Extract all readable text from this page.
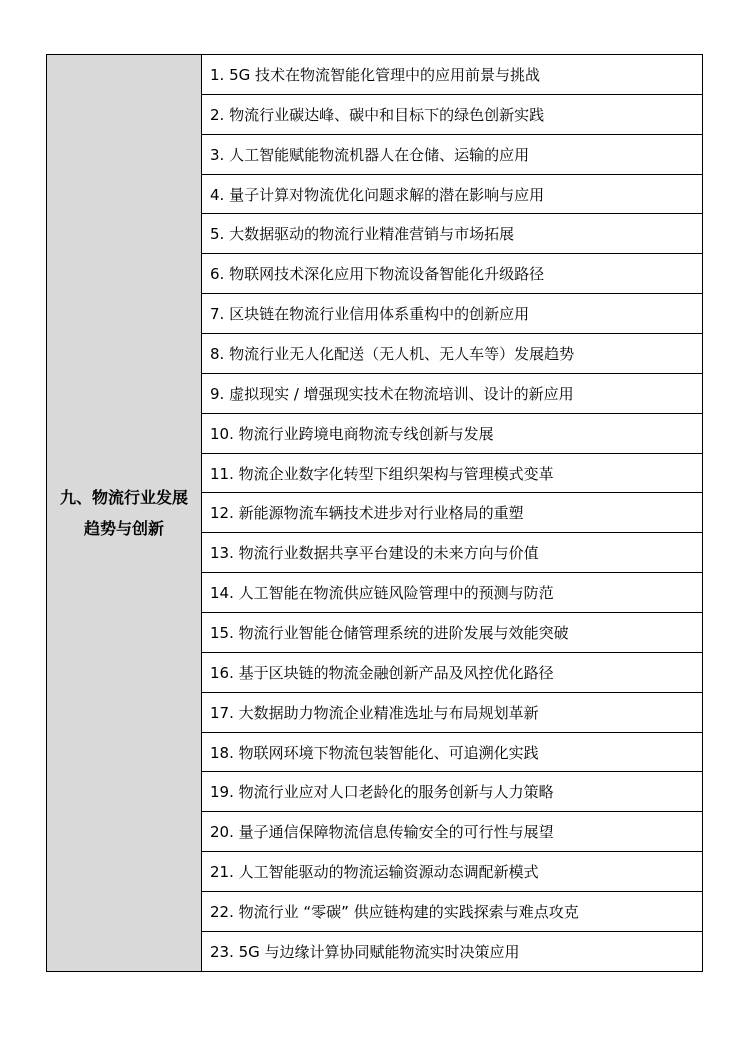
九、物流行业发展趋势与创新	1. 5G 技术在物流智能化管理中的应用前景与挑战
2. 物流行业碳达峰、碳中和目标下的绿色创新实践
3. 人工智能赋能物流机器人在仓储、运输的应用
4. 量子计算对物流优化问题求解的潜在影响与应用
5. 大数据驱动的物流行业精准营销与市场拓展
6. 物联网技术深化应用下物流设备智能化升级路径
7. 区块链在物流行业信用体系重构中的创新应用
8. 物流行业无人化配送（无人机、无人车等）发展趋势
9. 虚拟现实 / 增强现实技术在物流培训、设计的新应用
10. 物流行业跨境电商物流专线创新与发展
11. 物流企业数字化转型下组织架构与管理模式变革
12. 新能源物流车辆技术进步对行业格局的重塑
13. 物流行业数据共享平台建设的未来方向与价值
14. 人工智能在物流供应链风险管理中的预测与防范
15. 物流行业智能仓储管理系统的进阶发展与效能突破
16. 基于区块链的物流金融创新产品及风控优化路径
17. 大数据助力物流企业精准选址与布局规划革新
18. 物联网环境下物流包装智能化、可追溯化实践
19. 物流行业应对人口老龄化的服务创新与人力策略
20. 量子通信保障物流信息传输安全的可行性与展望
21. 人工智能驱动的物流运输资源动态调配新模式
22. 物流行业 “零碳” 供应链构建的实践探索与难点攻克
23. 5G 与边缘计算协同赋能物流实时决策应用
